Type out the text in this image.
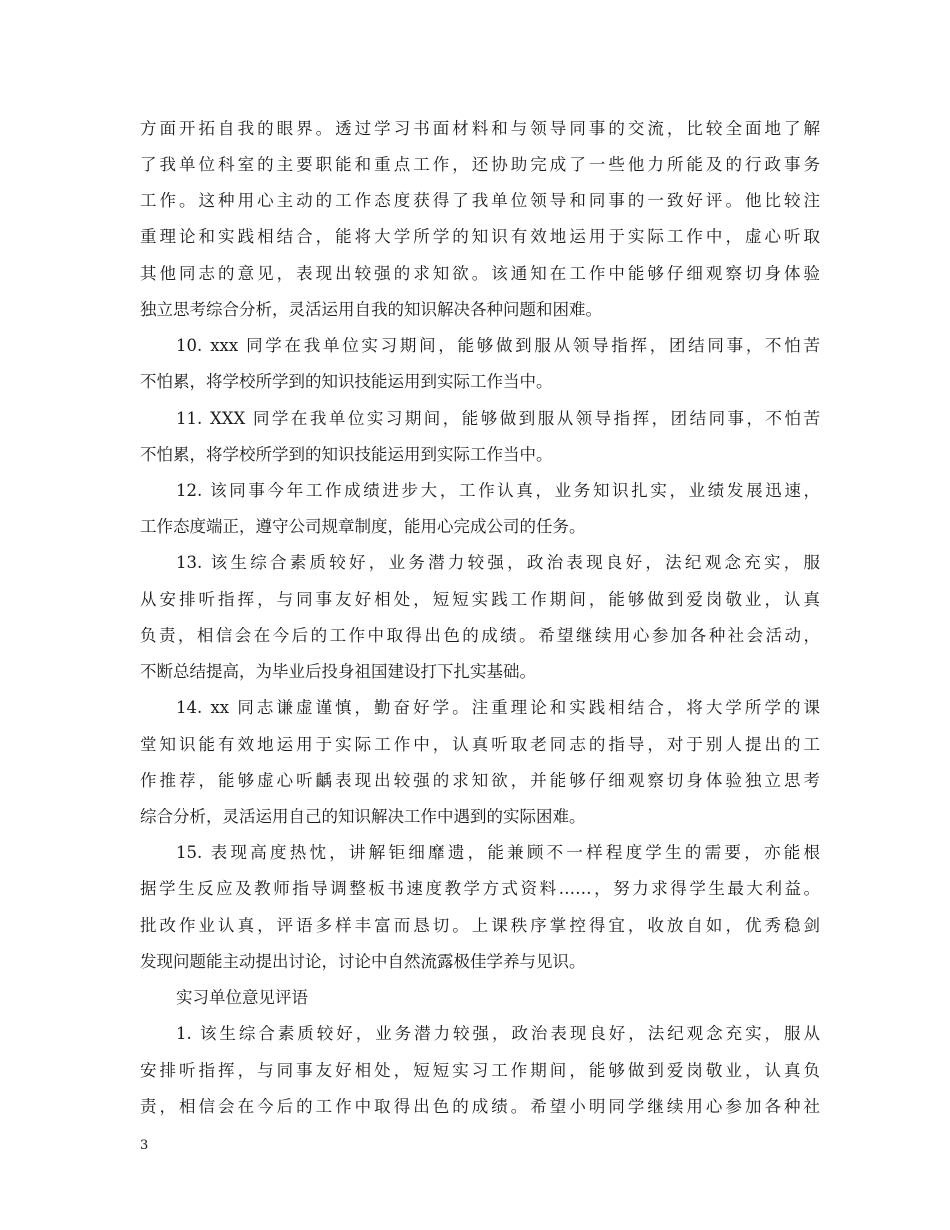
方面开拓自我的眼界。透过学习书面材料和与领导同事的交流，比较全面地了解
了我单位科室的主要职能和重点工作，还协助完成了一些他力所能及的行政事务
工作。这种用心主动的工作态度获得了我单位领导和同事的一致好评。他比较注
重理论和实践相结合，能将大学所学的知识有效地运用于实际工作中，虚心听取
其他同志的意见，表现出较强的求知欲。该通知在工作中能够仔细观察切身体验
独立思考综合分析，灵活运用自我的知识解决各种问题和困难。
10. xxx 同学在我单位实习期间，能够做到服从领导指挥，团结同事，不怕苦
不怕累，将学校所学到的知识技能运用到实际工作当中。
11. XXX 同学在我单位实习期间，能够做到服从领导指挥，团结同事，不怕苦
不怕累，将学校所学到的知识技能运用到实际工作当中。
12. 该同事今年工作成绩进步大，工作认真，业务知识扎实，业绩发展迅速，
工作态度端正，遵守公司规章制度，能用心完成公司的任务。
13. 该生综合素质较好，业务潜力较强，政治表现良好，法纪观念充实，服
从安排听指挥，与同事友好相处，短短实践工作期间，能够做到爱岗敬业，认真
负责，相信会在今后的工作中取得出色的成绩。希望继续用心参加各种社会活动，
不断总结提高，为毕业后投身祖国建设打下扎实基础。
14. xx 同志谦虚谨慎，勤奋好学。注重理论和实践相结合，将大学所学的课
堂知识能有效地运用于实际工作中，认真听取老同志的指导，对于别人提出的工
作推荐，能够虚心听齲表现出较强的求知欲，并能够仔细观察切身体验独立思考
综合分析，灵活运用自己的知识解决工作中遇到的实际困难。
15. 表现高度热忱，讲解钜细靡遗，能兼顾不一样程度学生的需要，亦能根
据学生反应及教师指导调整板书速度教学方式资料……，努力求得学生最大利益。
批改作业认真，评语多样丰富而恳切。上课秩序掌控得宜，收放自如，优秀稳剑
发现问题能主动提出讨论，讨论中自然流露极佳学养与见识。
实习单位意见评语
1. 该生综合素质较好，业务潜力较强，政治表现良好，法纪观念充实，服从
安排听指挥，与同事友好相处，短短实习工作期间，能够做到爱岗敬业，认真负
责，相信会在今后的工作中取得出色的成绩。希望小明同学继续用心参加各种社
3
